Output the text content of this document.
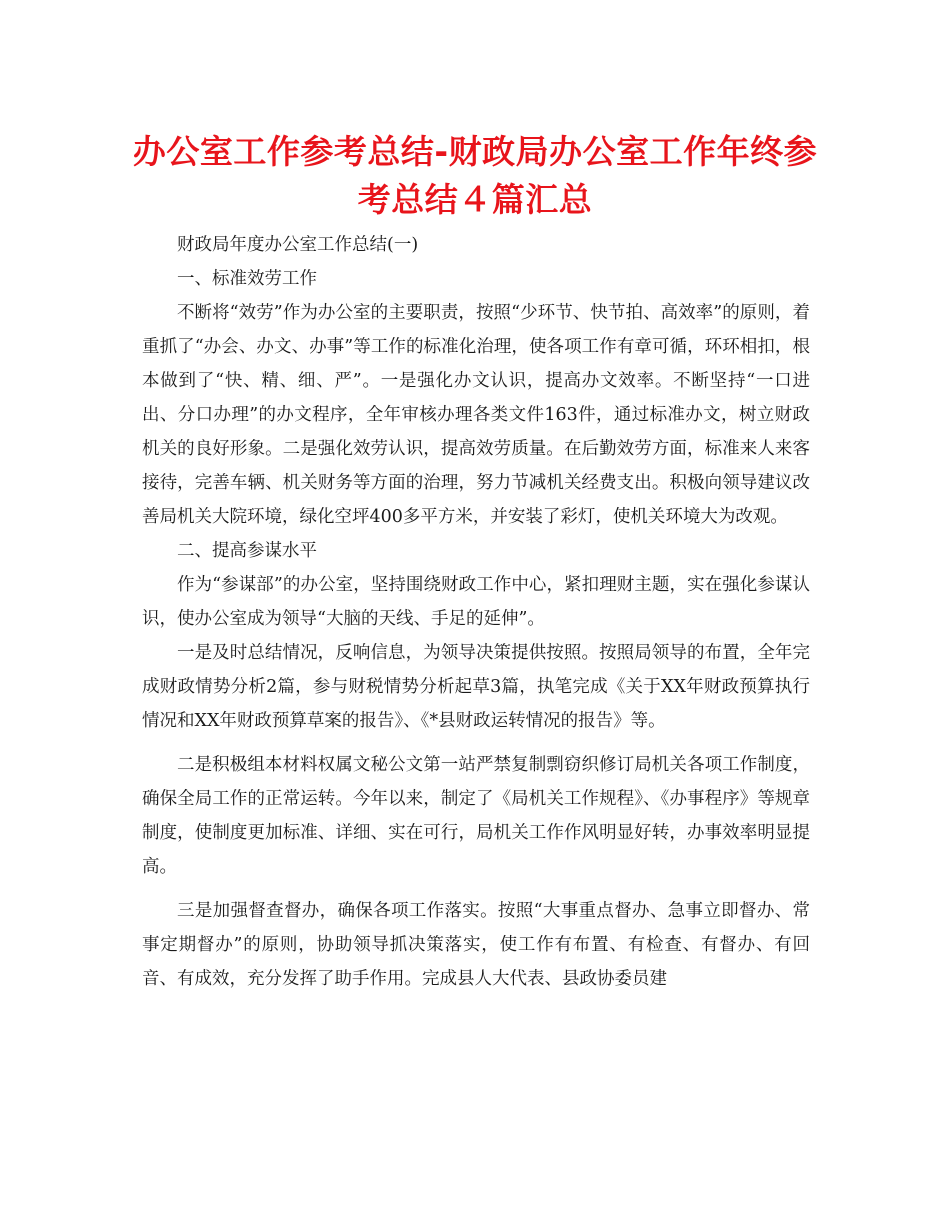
办公室工作参考总结-财政局办公室工作年终参考总结４篇汇总

财政局年度办公室工作总结(一)

一、标准效劳工作

不断将“效劳”作为办公室的主要职责，按照“少环节、快节拍、高效率”的原则，着重抓了“办会、办文、办事”等工作的标准化治理，使各项工作有章可循，环环相扣，根本做到了“快、精、细、严”。一是强化办文认识，提高办文效率。不断坚持“一口进出、分口办理”的办文程序，全年审核办理各类文件163件，通过标准办文，树立财政机关的良好形象。二是强化效劳认识，提高效劳质量。在后勤效劳方面，标准来人来客接待，完善车辆、机关财务等方面的治理，努力节减机关经费支出。积极向领导建议改善局机关大院环境，绿化空坪400多平方米，并安装了彩灯，使机关环境大为改观。

二、提高参谋水平

作为“参谋部”的办公室，坚持围绕财政工作中心，紧扣理财主题，实在强化参谋认识，使办公室成为领导“大脑的天线、手足的延伸”。

一是及时总结情况，反响信息，为领导决策提供按照。按照局领导的布置，全年完成财政情势分析2篇，参与财税情势分析起草3篇，执笔完成《关于XX年财政预算执行情况和XX年财政预算草案的报告》、《*县财政运转情况的报告》等。

二是积极组本材料权属文秘公文第一站严禁复制剽窃织修订局机关各项工作制度，确保全局工作的正常运转。今年以来，制定了《局机关工作规程》、《办事程序》等规章制度，使制度更加标准、详细、实在可行，局机关工作作风明显好转，办事效率明显提高。

三是加强督查督办，确保各项工作落实。按照“大事重点督办、急事立即督办、常事定期督办”的原则，协助领导抓决策落实，使工作有布置、有检查、有督办、有回音、有成效，充分发挥了助手作用。完成县人大代表、县政协委员建
